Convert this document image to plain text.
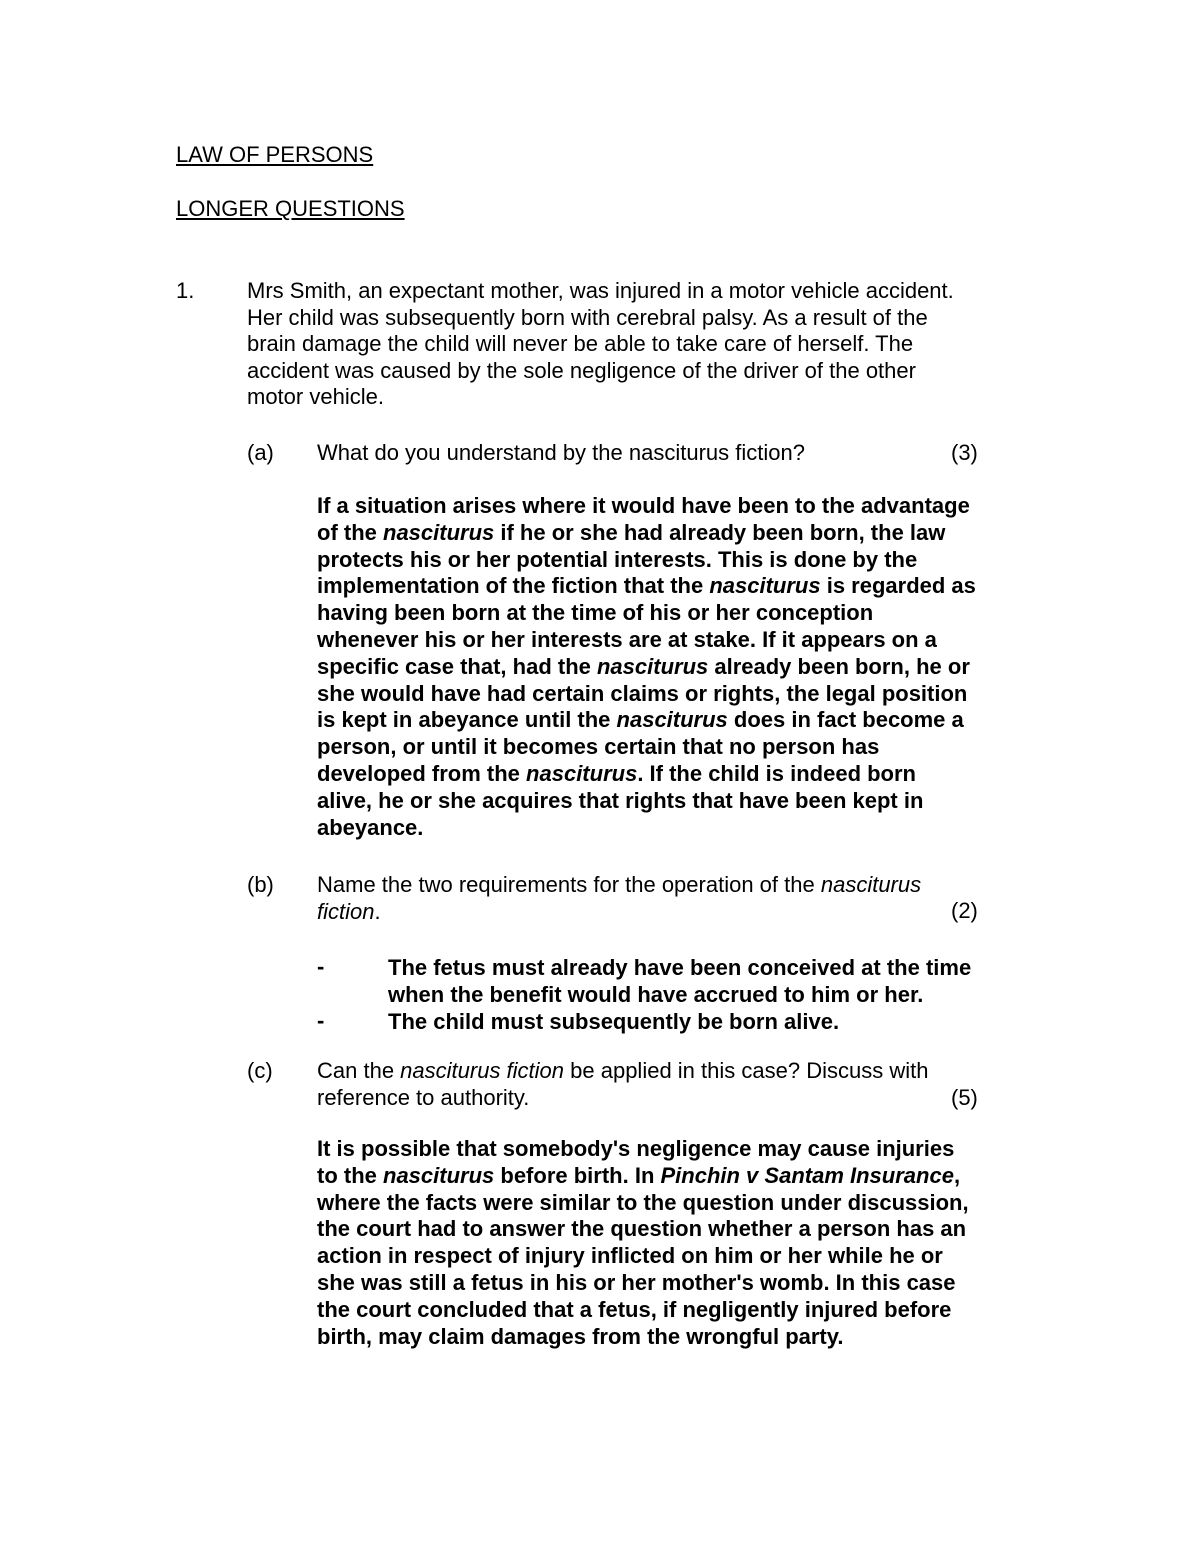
LAW OF PERSONS
LONGER QUESTIONS
1. Mrs Smith, an expectant mother, was injured in a motor vehicle accident.
Her child was subsequently born with cerebral palsy. As a result of the
brain damage the child will never be able to take care of herself. The
accident was caused by the sole negligence of the driver of the other
motor vehicle.
(a) What do you understand by the nasciturus fiction?	(3)
If a situation arises where it would have been to the advantage
of the nasciturus if he or she had already been born, the law
protects his or her potential interests. This is done by the
implementation of the fiction that the nasciturus is regarded as
having been born at the time of his or her conception
whenever his or her interests are at stake. If it appears on a
specific case that, had the nasciturus already been born, he or
she would have had certain claims or rights, the legal position
is kept in abeyance until the nasciturus does in fact become a
person, or until it becomes certain that no person has
developed from the nasciturus. If the child is indeed born
alive, he or she acquires that rights that have been kept in
abeyance.
(b) Name the two requirements for the operation of the nasciturus
fiction.	(2)
-	The fetus must already have been conceived at the time
when the benefit would have accrued to him or her.
-	The child must subsequently be born alive.
(c) Can the nasciturus fiction be applied in this case? Discuss with
reference to authority.	(5)
It is possible that somebody's negligence may cause injuries
to the nasciturus before birth. In Pinchin v Santam Insurance,
where the facts were similar to the question under discussion,
the court had to answer the question whether a person has an
action in respect of injury inflicted on him or her while he or
she was still a fetus in his or her mother's womb. In this case
the court concluded that a fetus, if negligently injured before
birth, may claim damages from the wrongful party.
